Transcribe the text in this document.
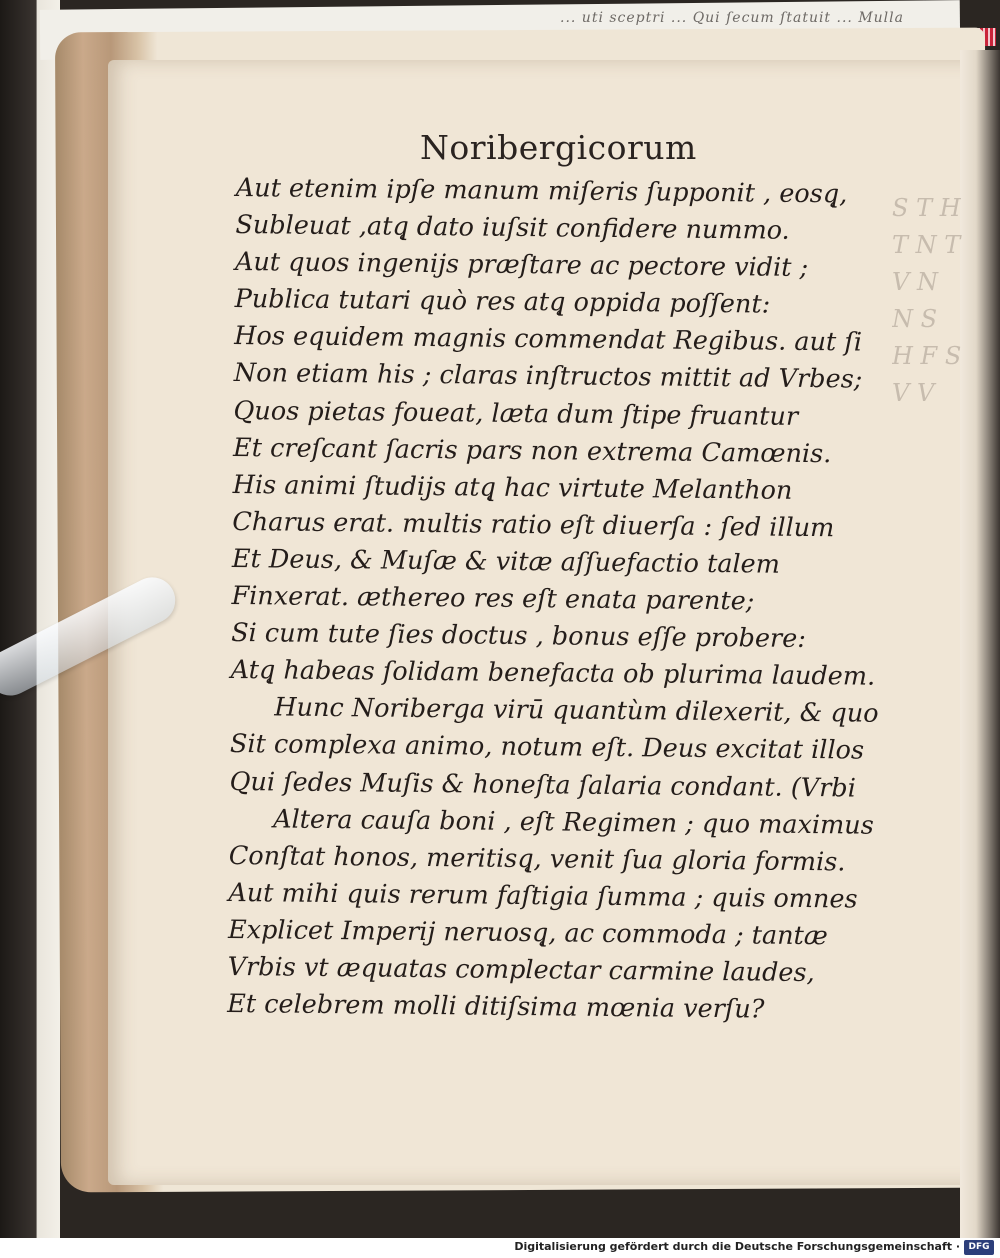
... uti sceptri ... Qui ſecum ſtatuit ... Mulla
S T H T N T V N N S H F S V V
Noribergicorum
Aut etenim ipſe manum miſeris ſupponit , eosq̨,
Subleuat ,atq̨ dato iuſsit confidere nummo.
Aut quos ingenijs præſtare ac pectore vidit ;
Publica tutari quò res atq̨ oppida poſſent:
Hos equidem magnis commendat Regibus. aut ſi
Non etiam his ; claras inſtructos mittit ad Vrbes;
Quos pietas foueat, læta dum ſtipe fruantur
Et creſcant ſacris pars non extrema Camœnis.
His animi ſtudijs atq̨ hac virtute Melanthon
Charus erat. multis ratio eſt diuerſa : ſed illum
Et Deus, & Muſæ & vitæ aſſuefactio talem
Finxerat. æthereo res eſt enata parente;
Si cum tute ſies doctus , bonus eſſe probere:
Atq̨ habeas ſolidam benefacta ob plurima laudem.
Hunc Noriberga virū quantùm dilexerit, & quo
Sit complexa animo, notum eſt. Deus excitat illos
Qui ſedes Muſis & honeſta ſalaria condant. (Vrbi
Altera cauſa boni , eſt Regimen ; quo maximus
Conſtat honos, meritisq̨, venit ſua gloria formis.
Aut mihi quis rerum faſtigia ſumma ; quis omnes
Explicet Imperij neruosq̨, ac commoda ; tantæ
Vrbis vt æquatas complectar carmine laudes,
Et celebrem molli ditiſsima mœnia verſu?
Digitalisierung gefördert durch die Deutsche Forschungsgemeinschaft · DFG
